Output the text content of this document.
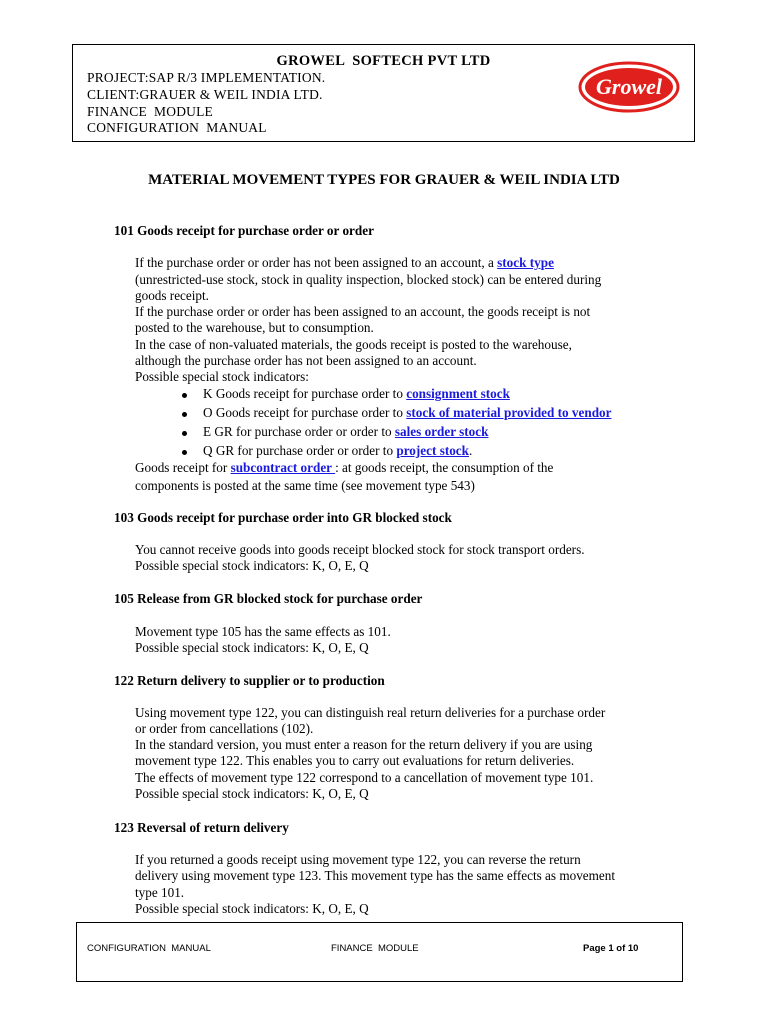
GROWEL  SOFTECH PVT LTD
PROJECT:SAP R/3 IMPLEMENTATION.
CLIENT:GRAUER & WEIL INDIA LTD.
FINANCE  MODULE
CONFIGURATION  MANUAL
Growel
MATERIAL MOVEMENT TYPES FOR GRAUER & WEIL INDIA LTD
101 Goods receipt for purchase order or order
If the purchase order or order has not been assigned to an account, a stock type
(unrestricted-use stock, stock in quality inspection, blocked stock) can be entered during
goods receipt.
If the purchase order or order has been assigned to an account, the goods receipt is not
posted to the warehouse, but to consumption.
In the case of non-valuated materials, the goods receipt is posted to the warehouse,
although the purchase order has not been assigned to an account.
Possible special stock indicators:
K Goods receipt for purchase order to consignment stock
O Goods receipt for purchase order to stock of material provided to vendor
E GR for purchase order or order to sales order stock
Q GR for purchase order or order to project stock.
Goods receipt for subcontract order : at goods receipt, the consumption of the
components is posted at the same time (see movement type 543)
103 Goods receipt for purchase order into GR blocked stock
You cannot receive goods into goods receipt blocked stock for stock transport orders.
Possible special stock indicators: K, O, E, Q
105 Release from GR blocked stock for purchase order
Movement type 105 has the same effects as 101.
Possible special stock indicators: K, O, E, Q
122 Return delivery to supplier or to production
Using movement type 122, you can distinguish real return deliveries for a purchase order
or order from cancellations (102).
In the standard version, you must enter a reason for the return delivery if you are using
movement type 122. This enables you to carry out evaluations for return deliveries.
The effects of movement type 122 correspond to a cancellation of movement type 101.
Possible special stock indicators: K, O, E, Q
123 Reversal of return delivery
If you returned a goods receipt using movement type 122, you can reverse the return
delivery using movement type 123. This movement type has the same effects as movement
type 101.
Possible special stock indicators: K, O, E, Q
CONFIGURATION  MANUAL	FINANCE  MODULE	Page 1 of 10
